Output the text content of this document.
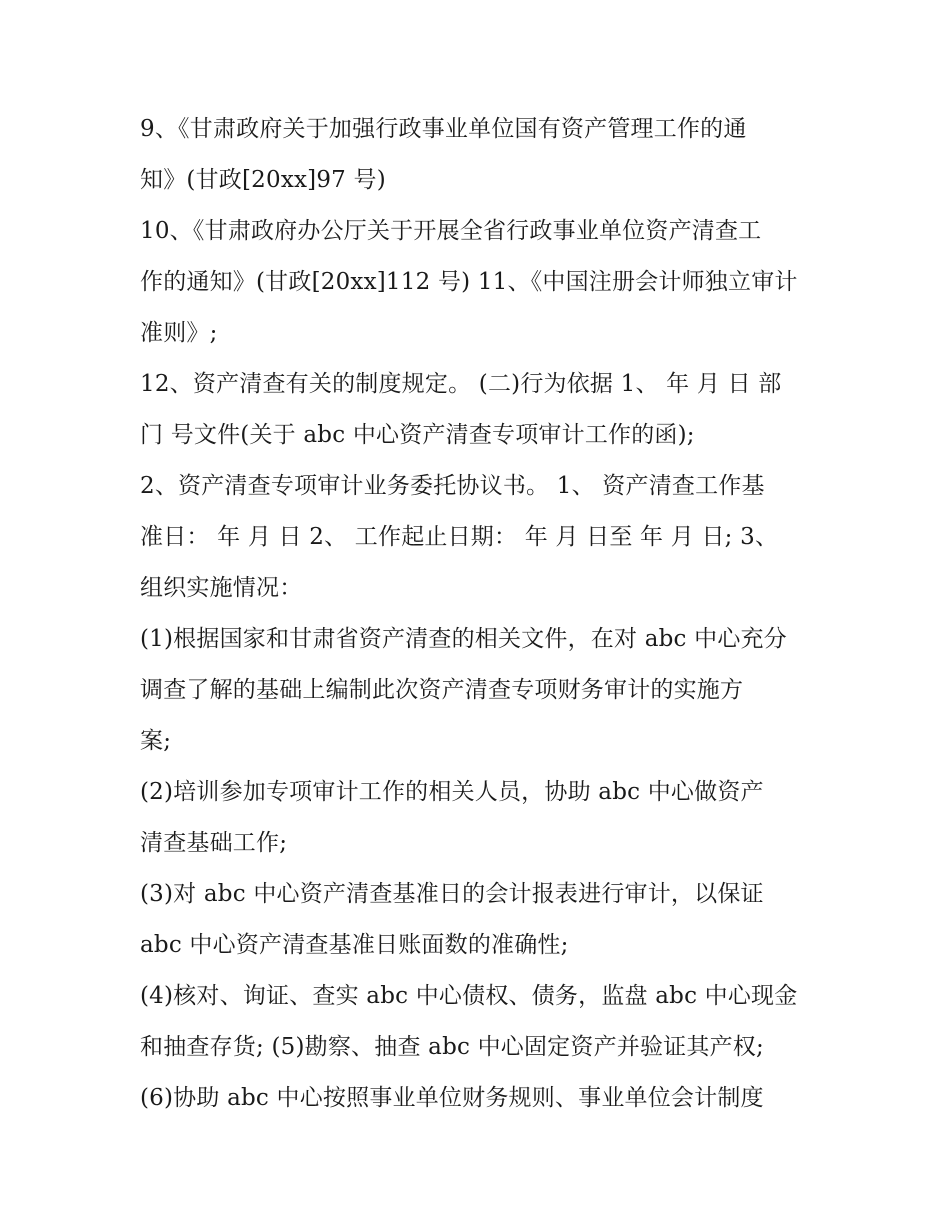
9、《甘肃政府关于加强行政事业单位国有资产管理工作的通
知》(甘政[20xx]97 号)
10、《甘肃政府办公厅关于开展全省行政事业单位资产清查工
作的通知》(甘政[20xx]112 号) 11、《中国注册会计师独立审计
准则》;
12、资产清查有关的制度规定。 (二)行为依据 1、 年 月 日 部
门 号文件(关于 abc 中心资产清查专项审计工作的函);
2、资产清查专项审计业务委托协议书。 1、 资产清查工作基
准日： 年 月 日 2、 工作起止日期： 年 月 日至 年 月 日; 3、
组织实施情况：
(1)根据国家和甘肃省资产清查的相关文件，在对 abc 中心充分
调查了解的基础上编制此次资产清查专项财务审计的实施方
案;
(2)培训参加专项审计工作的相关人员，协助 abc 中心做资产
清查基础工作;
(3)对 abc 中心资产清查基准日的会计报表进行审计，以保证
abc 中心资产清查基准日账面数的准确性;
(4)核对、询证、查实 abc 中心债权、债务，监盘 abc 中心现金
和抽查存货; (5)勘察、抽查 abc 中心固定资产并验证其产权;
(6)协助 abc 中心按照事业单位财务规则、事业单位会计制度
